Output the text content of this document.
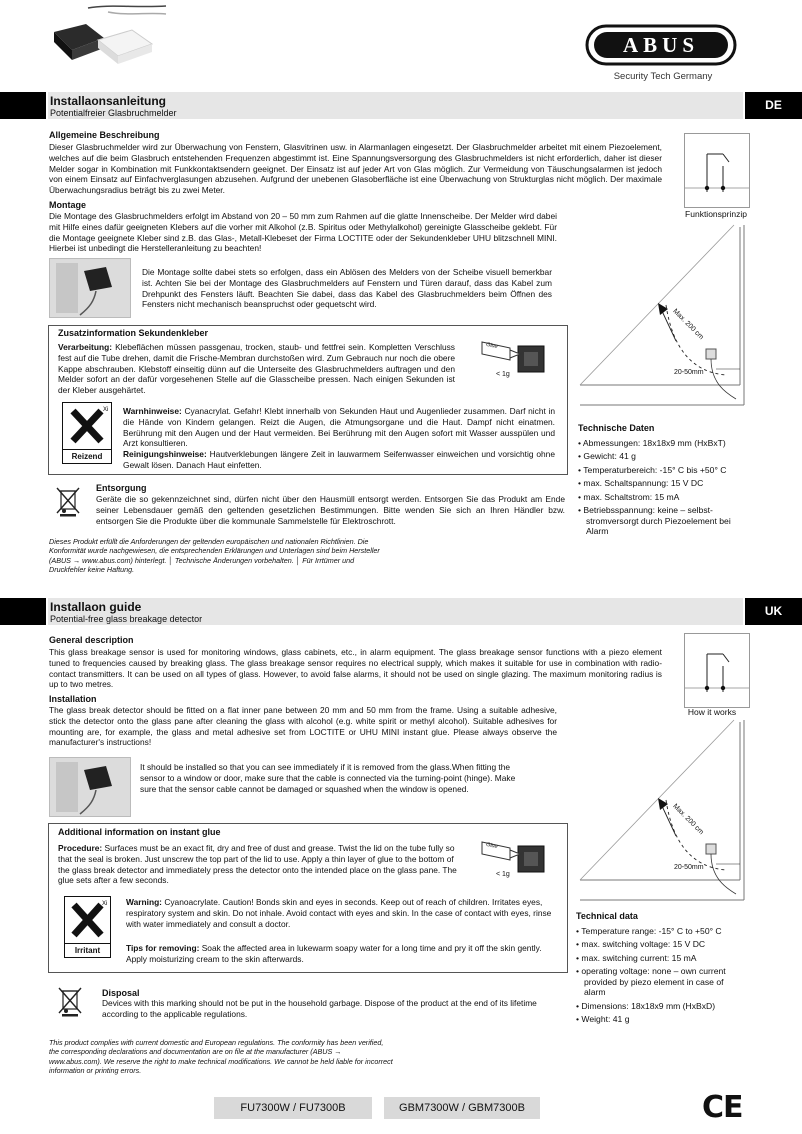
ABUS
Security Tech Germany
Installaonsanleitung
Potentialfreier Glasbruchmelder
DE
Allgemeine Beschreibung
Dieser Glasbruchmelder wird zur Überwachung von Fenstern, Glasvitrinen usw. in Alarmanlagen eingesetzt. Der Glasbruchmelder arbeitet mit einem Piezoelement, welches auf die beim Glasbruch entstehenden Frequenzen abgestimmt ist. Eine Spannungsversorgung des Glasbruchmelders ist nicht erforderlich, daher ist dieser Melder sogar in Kombination mit Funkkontaktsendern geeignet. Der Einsatz ist auf jeder Art von Glas möglich. Zur Vermeidung von Täuschungsalarmen ist jedoch von einem Einsatz auf Einfachverglasungen abzusehen. Aufgrund der unebenen Glasoberfläche ist eine Überwachung von Strukturglas nicht möglich. Der maximale Überwachungsradius beträgt bis zu zwei Meter.
Montage
Die Montage des Glasbruchmelders erfolgt im Abstand von 20 – 50 mm zum Rahmen auf die glatte Innenscheibe. Der Melder wird dabei mit Hilfe eines dafür geeigneten Klebers auf die vorher mit Alkohol (z.B. Spiritus oder Methylalkohol) gereinigte Glasscheibe geklebt. Für die Montage geeignete Kleber sind z.B. das Glas-, Metall-Klebeset der Firma LOCTITE oder der Sekundenkleber UHU blitzschnell MINI. Hierbei ist unbedingt die Herstelleranleitung zu beachten!
Die Montage sollte dabei stets so erfolgen, dass ein Ablösen des Melders von der Scheibe visuell bemerkbar ist. Achten Sie bei der Montage des Glasbruchmelders auf Fenstern und Türen darauf, dass das Kabel zum Drehpunkt des Fensters läuft. Beachten Sie dabei, dass das Kabel des Glasbruchmelders beim Öffnen des Fensters nicht mechanisch beanspruchst oder gequetscht wird.
Zusatzinformation Sekundenkleber
Verarbeitung: Klebeflächen müssen passgenau, trocken, staub- und fettfrei sein. Kompletten Verschluss fest auf die Tube drehen, damit die Frische-Membran durchstoßen wird. Zum Gebrauch nur noch die obere Kappe abschrauben. Klebstoff einseitig dünn auf die Unterseite des Glasbruchmelders auftragen und den Melder sofort an der dafür vorgesehenen Stelle auf die Glasscheibe pressen. Nach einigen Sekunden ist der Kleber ausgehärtet.
Glue
< 1g
Xi
Reizend
Warnhinweise: Cyanacrylat. Gefahr! Klebt innerhalb von Sekunden Haut und Augenlieder zusammen. Darf nicht in die Hände von Kindern gelangen. Reizt die Augen, die Atmungsorgane und die Haut. Dampf nicht einatmen. Berührung mit den Augen und der Haut vermeiden. Bei Berührung mit den Augen sofort mit Wasser ausspülen und Arzt konsultieren.
Reinigungshinweise: Hautverklebungen längere Zeit in lauwarmem Seifenwasser einweichen und vorsichtig ohne Gewalt lösen. Danach Haut einfetten.
Entsorgung
Geräte die so gekennzeichnet sind, dürfen nicht über den Hausmüll entsorgt werden. Entsorgen Sie das Produkt am Ende seiner Lebensdauer gemäß den geltenden gesetzlichen Bestimmungen. Bitte wenden Sie sich an Ihren Händler bzw. entsorgen Sie die Produkte über die kommunale Sammelstelle für Elektroschrott.
Dieses Produkt erfüllt die Anforderungen der geltenden europäischen und nationalen Richtlinien. Die Konformität wurde nachgewiesen, die entsprechenden Erklärungen und Unterlagen sind beim Hersteller (ABUS → www.abus.com) hinterlegt. │ Technische Änderungen vorbehalten. │ Für Irrtümer und Druckfehler keine Haftung.
Funktionsprinzip
Max. 200 cm
20-50mm
Technische Daten
• Abmessungen: 18x18x9 mm (HxBxT)
• Gewicht: 41 g
• Temperaturbereich: -15° C bis +50° C
• max. Schaltspannung: 15 V DC
• max. Schaltstrom: 15 mA
• Betriebsspannung: keine – selbst-stromversorgt durch Piezoelement bei Alarm
Installaon guide
Potential-free glass breakage detector
UK
General description
This glass breakage sensor is used for monitoring windows, glass cabinets, etc., in alarm equipment. The glass breakage sensor functions with a piezo element tuned to frequencies caused by breaking glass. The glass breakage sensor requires no electrical supply, which makes it suitable for use in combination with radio-contact transmitters. It can be used on all types of glass. However, to avoid false alarms, it should not be used on single glazing. The maximum monitoring radius is up to two metres.
Installation
The glass break detector should be fitted on a flat inner pane between 20 mm and 50 mm from the frame. Using a suitable adhesive, stick the detector onto the glass pane after cleaning the glass with alcohol (e.g. white spirit or methyl alcohol). Suitable adhesives for mounting are, for example, the glass and metal adhesive set from LOCTITE or UHU MINI instant glue. Please always observe the manufacturer's instructions!
It should be installed so that you can see immediately if it is removed from the glass.When fitting the sensor to a window or door, make sure that the cable is connected via the turning-point (hinge). Make sure that the sensor cable cannot be damaged or squashed when the window is opened.
Additional information on instant glue
Procedure: Surfaces must be an exact fit, dry and free of dust and grease. Twist the lid on the tube fully so that the seal is broken. Just unscrew the top part of the lid to use. Apply a thin layer of glue to the bottom of the glass break detector and immediately press the detector onto the intended place on the glass pane. The glue sets after a few seconds.
Glue
< 1g
Xi
Irritant
Warning: Cyanoacrylate. Caution! Bonds skin and eyes in seconds. Keep out of reach of children. Irritates eyes, respiratory system and skin. Do not inhale. Avoid contact with eyes and skin. In the case of contact with eyes, rinse with water immediately and consult a doctor.
Tips for removing: Soak the affected area in lukewarm soapy water for a long time and pry it off the skin gently. Apply moisturizing cream to the skin afterwards.
Disposal
Devices with this marking should not be put in the household garbage. Dispose of the product at the end of its lifetime according to the applicable regulations.
This product complies with current domestic and European regulations. The conformity has been verified, the corresponding declarations and documentation are on file at the manufacturer (ABUS → www.abus.com). We reserve the right to make technical modifications. We cannot be held liable for incorrect information or printing errors.
How it works
Max. 200 cm
20-50mm
Technical data
• Temperature range: -15° C to +50° C
• max. switching voltage: 15 V DC
• max. switching current: 15 mA
• operating voltage: none – own current provided by piezo element in case of alarm
• Dimensions: 18x18x9 mm (HxBxD)
• Weight: 41 g
FU7300W / FU7300B	GBM7300W / GBM7300B	CE
